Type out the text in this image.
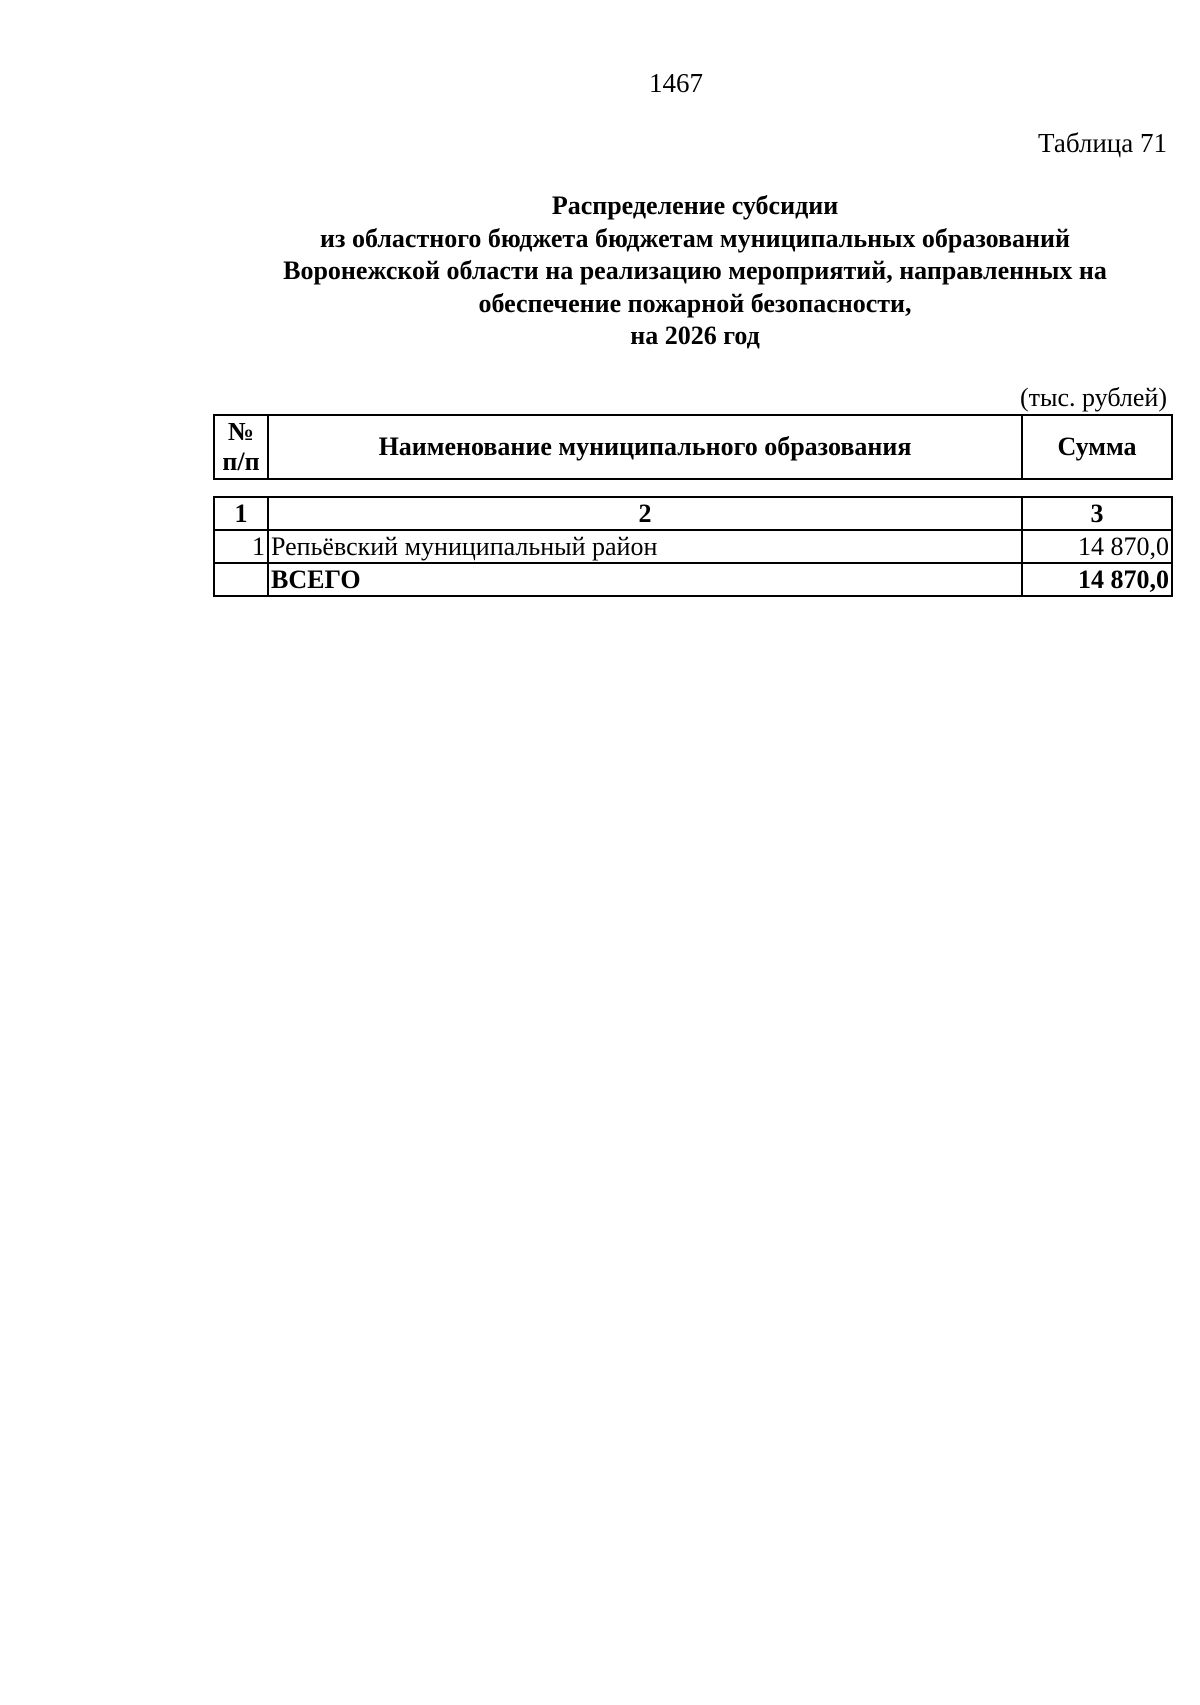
1467
Таблица 71
Распределение субсидии
из областного бюджета бюджетам муниципальных образований
Воронежской области на реализацию мероприятий, направленных на
обеспечение пожарной безопасности,
на 2026 год
(тыс. рублей)
№
п/п	Наименование муниципального образования	Сумма
1	2	3
1	Репьёвский муниципальный район	14 870,0
	ВСЕГО	14 870,0
